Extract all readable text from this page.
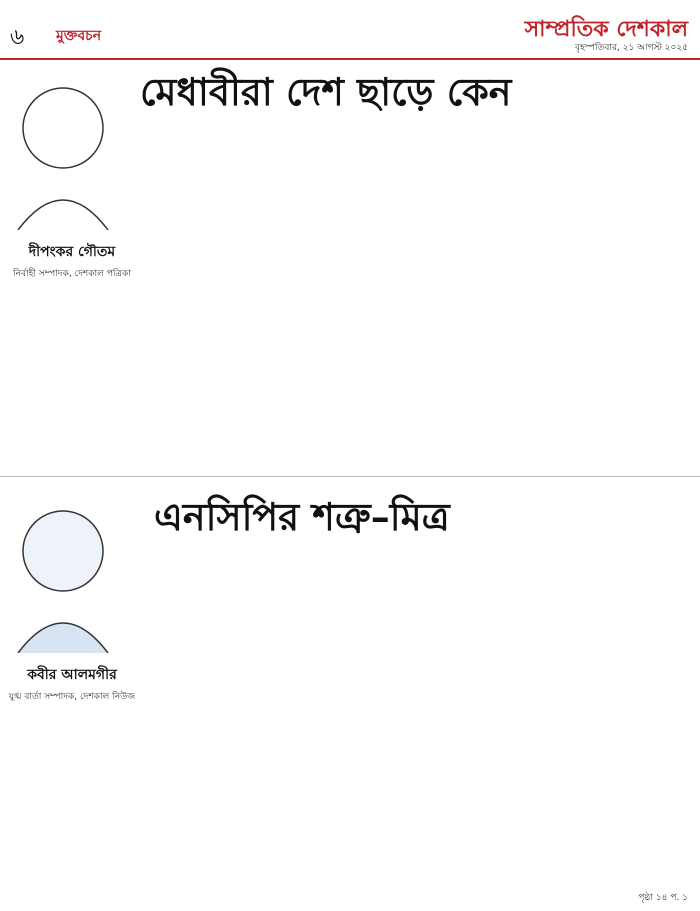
৬ মুক্তবচন	সাম্প্রতিক দেশকাল
বৃহস্পতিবার, ২১ আগস্ট ২০২৫
দীপংকর গৌতম
নির্বাহী সম্পাদক, দেশকাল পত্রিকা
মেধাবীরা দেশ ছাড়ে কেন
কবীর আলমগীর
যুগ্ম বার্তা সম্পাদক, দেশকাল নিউজ
এনসিপির শত্রু–মিত্র
পৃষ্ঠা ১৪ প. ১
